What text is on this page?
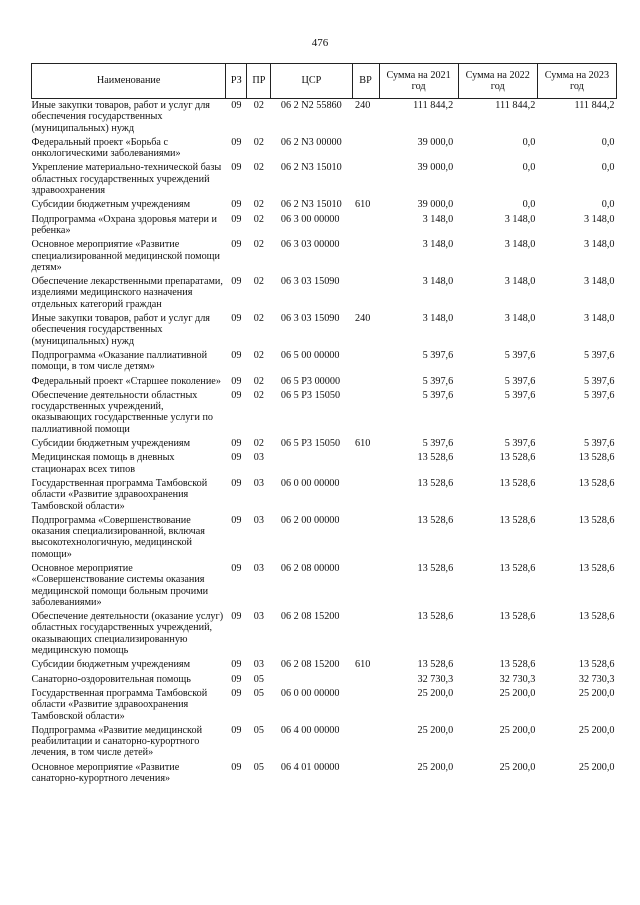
476
Наименование	РЗ	ПР	ЦСР	ВР	Сумма на 2021 год	Сумма на 2022 год	Сумма на 2023 год
Иные закупки товаров, работ и услуг для обеспечения государственных (муниципальных) нужд	09	02	06 2 N2 55860	240	111 844,2	111 844,2	111 844,2
Федеральный проект «Борьба с онкологическими заболеваниями»	09	02	06 2 N3 00000		39 000,0	0,0	0,0
Укрепление материально-технической базы областных государственных учреждений здравоохранения	09	02	06 2 N3 15010		39 000,0	0,0	0,0
Субсидии бюджетным учреждениям	09	02	06 2 N3 15010	610	39 000,0	0,0	0,0
Подпрограмма «Охрана здоровья матери и ребенка»	09	02	06 3 00 00000		3 148,0	3 148,0	3 148,0
Основное мероприятие «Развитие специализированной медицинской помощи детям»	09	02	06 3 03 00000		3 148,0	3 148,0	3 148,0
Обеспечение лекарственными препаратами, изделиями медицинского назначения отдельных категорий граждан	09	02	06 3 03 15090		3 148,0	3 148,0	3 148,0
Иные закупки товаров, работ и услуг для обеспечения государственных (муниципальных) нужд	09	02	06 3 03 15090	240	3 148,0	3 148,0	3 148,0
Подпрограмма «Оказание паллиативной помощи, в том числе детям»	09	02	06 5 00 00000		5 397,6	5 397,6	5 397,6
Федеральный проект «Старшее поколение»	09	02	06 5 P3 00000		5 397,6	5 397,6	5 397,6
Обеспечение деятельности областных государственных учреждений, оказывающих государственные услуги по паллиативной помощи	09	02	06 5 P3 15050		5 397,6	5 397,6	5 397,6
Субсидии бюджетным учреждениям	09	02	06 5 P3 15050	610	5 397,6	5 397,6	5 397,6
Медицинская помощь в дневных стационарах всех типов	09	03			13 528,6	13 528,6	13 528,6
Государственная программа Тамбовской области «Развитие здравоохранения Тамбовской области»	09	03	06 0 00 00000		13 528,6	13 528,6	13 528,6
Подпрограмма «Совершенствование оказания специализированной, включая высокотехнологичную, медицинской помощи»	09	03	06 2 00 00000		13 528,6	13 528,6	13 528,6
Основное мероприятие «Совершенствование системы оказания медицинской помощи больным прочими заболеваниями»	09	03	06 2 08 00000		13 528,6	13 528,6	13 528,6
Обеспечение деятельности (оказание услуг) областных государственных учреждений, оказывающих специализированную медицинскую помощь	09	03	06 2 08 15200		13 528,6	13 528,6	13 528,6
Субсидии бюджетным учреждениям	09	03	06 2 08 15200	610	13 528,6	13 528,6	13 528,6
Санаторно-оздоровительная помощь	09	05			32 730,3	32 730,3	32 730,3
Государственная программа Тамбовской области «Развитие здравоохранения Тамбовской области»	09	05	06 0 00 00000		25 200,0	25 200,0	25 200,0
Подпрограмма «Развитие медицинской реабилитации и санаторно-курортного лечения, в том числе детей»	09	05	06 4 00 00000		25 200,0	25 200,0	25 200,0
Основное мероприятие «Развитие санаторно-курортного лечения»	09	05	06 4 01 00000		25 200,0	25 200,0	25 200,0
